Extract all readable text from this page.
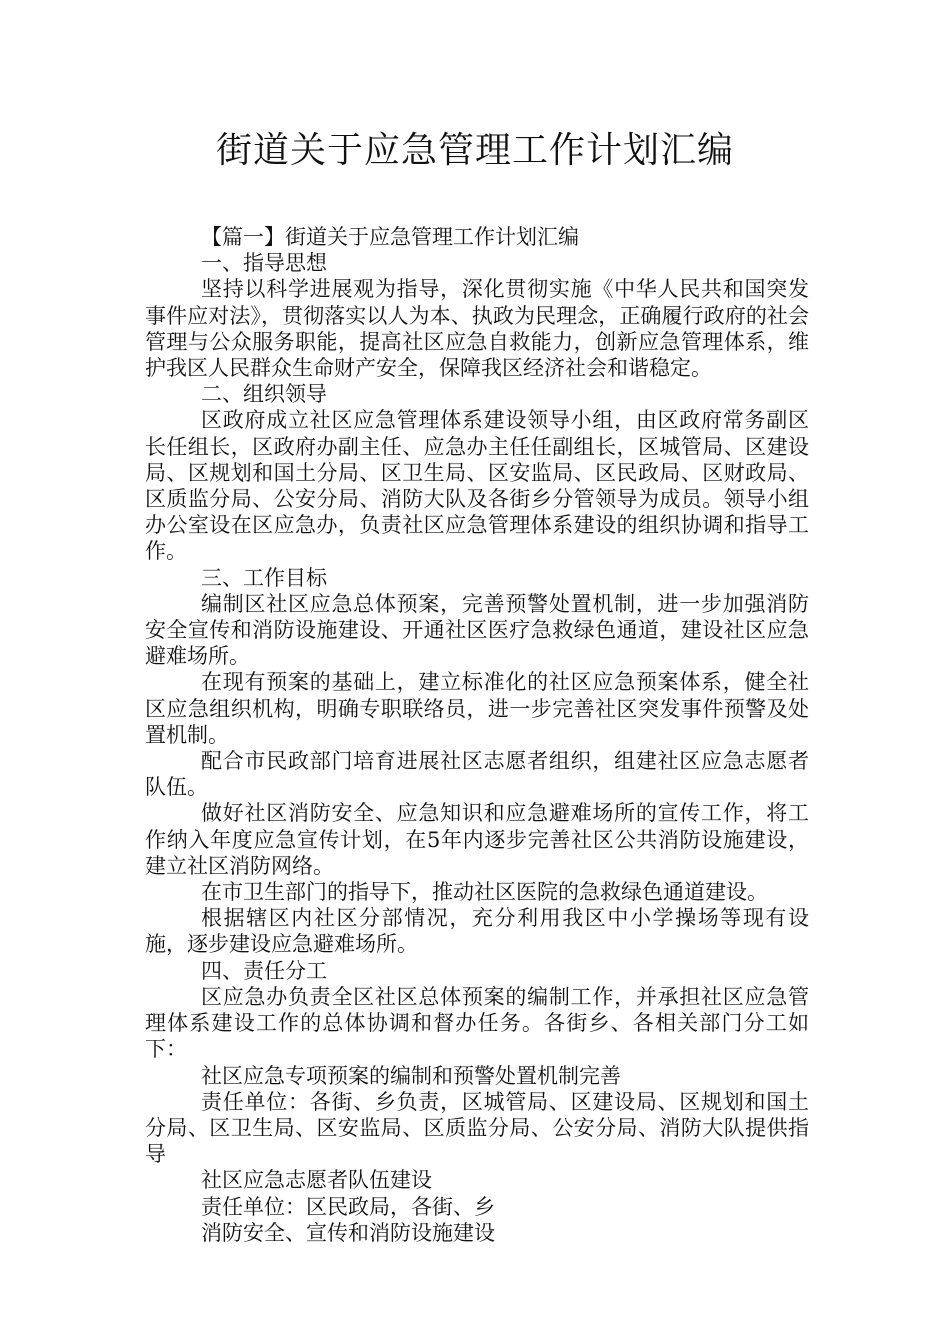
街道关于应急管理工作计划汇编

【篇一】街道关于应急管理工作计划汇编

一、指导思想

坚持以科学进展观为指导，深化贯彻实施《中华人民共和国突发事件应对法》，贯彻落实以人为本、执政为民理念，正确履行政府的社会管理与公众服务职能，提高社区应急自救能力，创新应急管理体系，维护我区人民群众生命财产安全，保障我区经济社会和谐稳定。

二、组织领导

区政府成立社区应急管理体系建设领导小组，由区政府常务副区长任组长，区政府办副主任、应急办主任任副组长，区城管局、区建设局、区规划和国土分局、区卫生局、区安监局、区民政局、区财政局、区质监分局、公安分局、消防大队及各街乡分管领导为成员。领导小组办公室设在区应急办，负责社区应急管理体系建设的组织协调和指导工作。

三、工作目标

编制区社区应急总体预案，完善预警处置机制，进一步加强消防安全宣传和消防设施建设、开通社区医疗急救绿色通道，建设社区应急避难场所。

在现有预案的基础上，建立标准化的社区应急预案体系，健全社区应急组织机构，明确专职联络员，进一步完善社区突发事件预警及处置机制。

配合市民政部门培育进展社区志愿者组织，组建社区应急志愿者队伍。

做好社区消防安全、应急知识和应急避难场所的宣传工作，将工作纳入年度应急宣传计划，在5年内逐步完善社区公共消防设施建设，建立社区消防网络。

在市卫生部门的指导下，推动社区医院的急救绿色通道建设。

根据辖区内社区分部情况，充分利用我区中小学操场等现有设施，逐步建设应急避难场所。

四、责任分工

区应急办负责全区社区总体预案的编制工作，并承担社区应急管理体系建设工作的总体协调和督办任务。各街乡、各相关部门分工如下：

社区应急专项预案的编制和预警处置机制完善

责任单位：各街、乡负责，区城管局、区建设局、区规划和国土分局、区卫生局、区安监局、区质监分局、公安分局、消防大队提供指导

社区应急志愿者队伍建设

责任单位：区民政局，各街、乡

消防安全、宣传和消防设施建设
